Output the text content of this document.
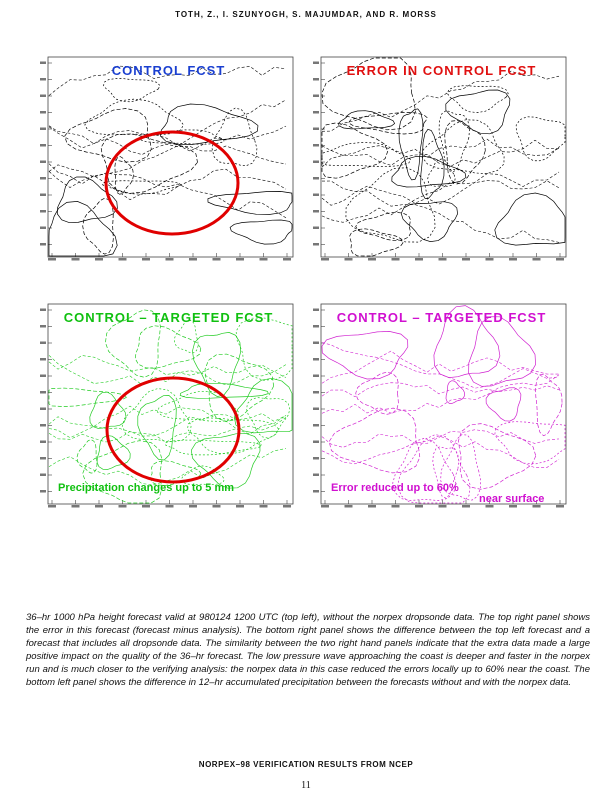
TOTH, Z., I. SZUNYOGH, S. MAJUMDAR, AND R. MORSS
CONTROL FCST	ERROR IN CONTROL FCST
CONTROL – TARGETED FCST
Precipitation changes up to 5 mm
CONTROL – TARGETED FCST
Error reduced up to 60%
near surface
36–hr 1000 hPa height forecast valid at 980124 1200 UTC (top left), without the norpex dropsonde data. The top right panel shows the error in this forecast (forecast minus analysis). The bottom right panel shows the difference between the top left forecast and a forecast that includes all dropsonde data. The similarity between the two right hand panels indicate that the extra data made a large positive impact on the quality of the 36–hr forecast. The low pressure wave approaching the coast is deeper and faster in the norpex run and is much closer to the verifying analysis: the norpex data in this case reduced the errors locally up to 60% near the coast. The bottom left panel shows the difference in 12–hr accumulated precipitation between the forecasts without and with the norpex data.
NORPEX–98 VERIFICATION RESULTS FROM NCEP
11
